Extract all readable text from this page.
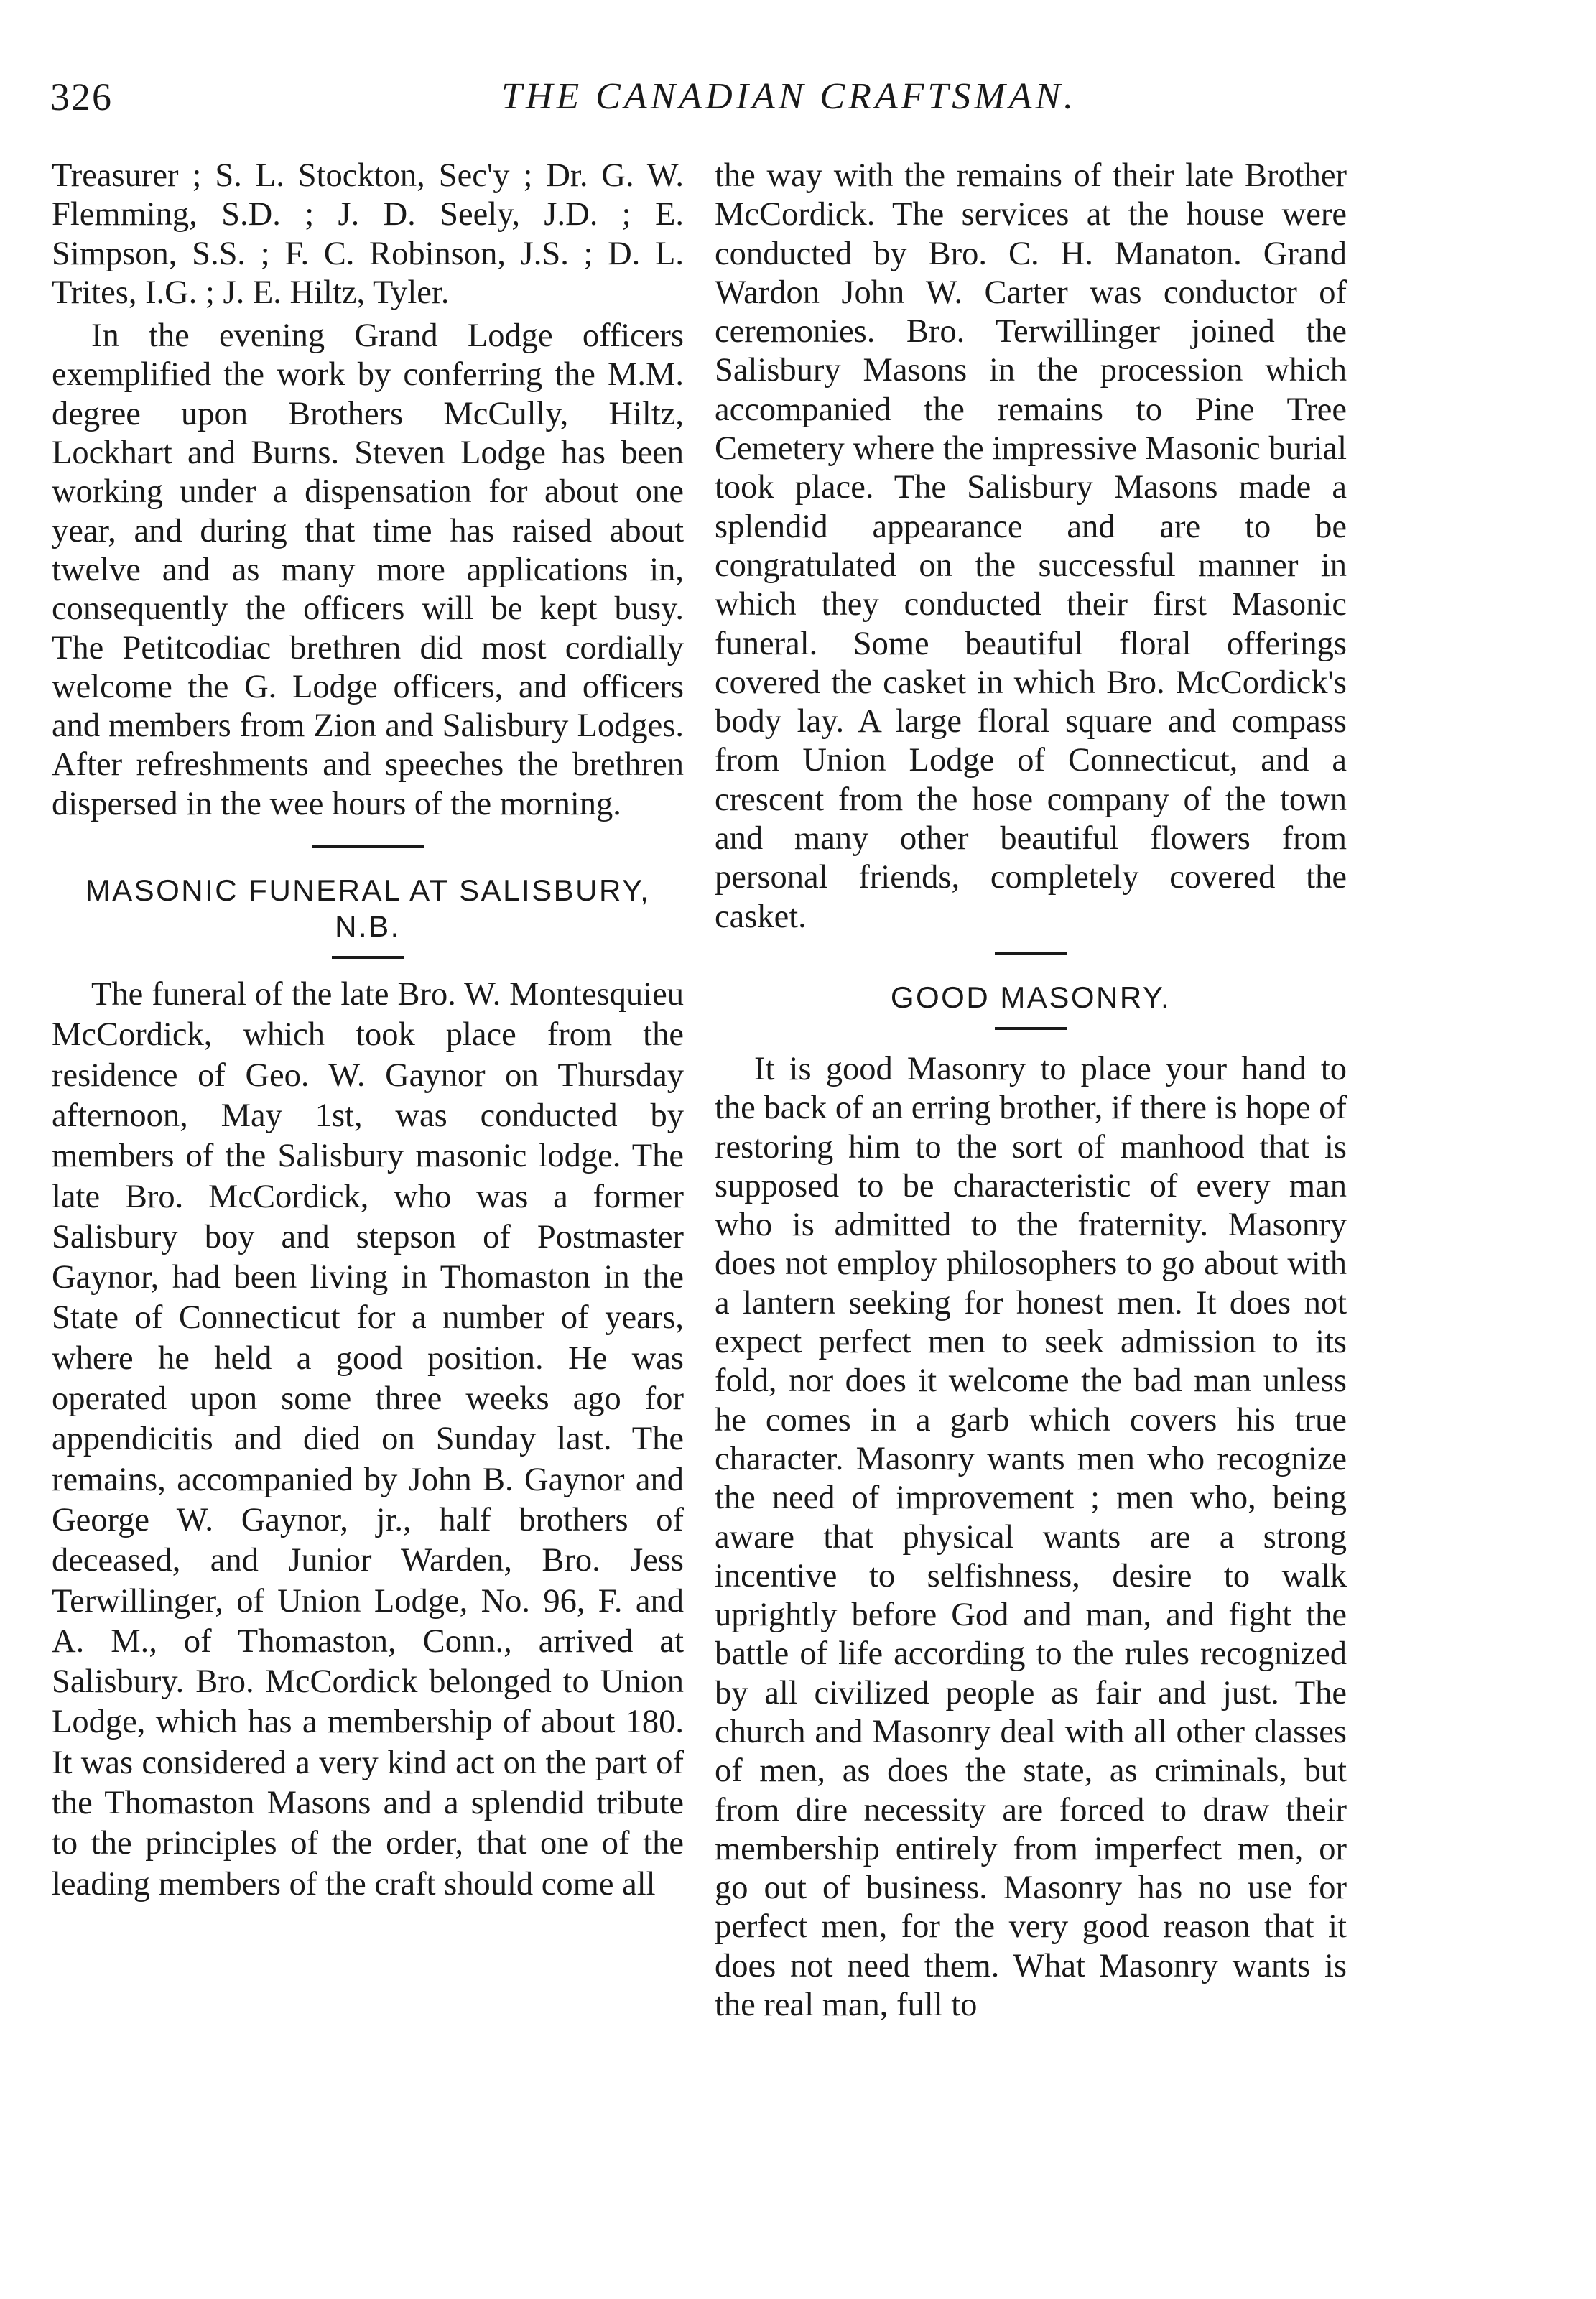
326	THE CANADIAN CRAFTSMAN.

Treasurer ; S. L. Stockton, Sec'y ; Dr. G. W. Flemming, S.D. ; J. D. Seely, J.D. ; E. Simpson, S.S. ; F. C. Robinson, J.S. ; D. L. Trites, I.G. ; J. E. Hiltz, Tyler.

In the evening Grand Lodge officers exemplified the work by conferring the M.M. degree upon Brothers McCully, Hiltz, Lockhart and Burns. Steven Lodge has been working under a dispensation for about one year, and during that time has raised about twelve and as many more applications in, consequently the officers will be kept busy. The Petitcodiac brethren did most cordially welcome the G. Lodge officers, and officers and members from Zion and Salisbury Lodges. After refreshments and speeches the brethren dispersed in the wee hours of the morning.

MASONIC FUNERAL AT SALISBURY, N.B.

The funeral of the late Bro. W. Montesquieu McCordick, which took place from the residence of Geo. W. Gaynor on Thursday afternoon, May 1st, was conducted by members of the Salisbury masonic lodge. The late Bro. McCordick, who was a former Salisbury boy and stepson of Postmaster Gaynor, had been living in Thomaston in the State of Connecticut for a number of years, where he held a good position. He was operated upon some three weeks ago for appendicitis and died on Sunday last. The remains, accompanied by John B. Gaynor and George W. Gaynor, jr., half brothers of deceased, and Junior Warden, Bro. Jess Terwillinger, of Union Lodge, No. 96, F. and A. M., of Thomaston, Conn., arrived at Salisbury. Bro. McCordick belonged to Union Lodge, which has a membership of about 180. It was considered a very kind act on the part of the Thomaston Masons and a splendid tribute to the principles of the order, that one of the leading members of the craft should come all

the way with the remains of their late Brother McCordick. The services at the house were conducted by Bro. C. H. Manaton. Grand Wardon John W. Carter was conductor of ceremonies. Bro. Terwillinger joined the Salisbury Masons in the procession which accompanied the remains to Pine Tree Cemetery where the impressive Masonic burial took place. The Salisbury Masons made a splendid appearance and are to be congratulated on the successful manner in which they conducted their first Masonic funeral. Some beautiful floral offerings covered the casket in which Bro. McCordick's body lay. A large floral square and compass from Union Lodge of Connecticut, and a crescent from the hose company of the town and many other beautiful flowers from personal friends, completely covered the casket.

GOOD MASONRY.

It is good Masonry to place your hand to the back of an erring brother, if there is hope of restoring him to the sort of manhood that is supposed to be characteristic of every man who is admitted to the fraternity. Masonry does not employ philosophers to go about with a lantern seeking for honest men. It does not expect perfect men to seek admission to its fold, nor does it welcome the bad man unless he comes in a garb which covers his true character. Masonry wants men who recognize the need of improvement ; men who, being aware that physical wants are a strong incentive to selfishness, desire to walk uprightly before God and man, and fight the battle of life according to the rules recognized by all civilized people as fair and just. The church and Masonry deal with all other classes of men, as does the state, as criminals, but from dire necessity are forced to draw their membership entirely from imperfect men, or go out of business. Masonry has no use for perfect men, for the very good reason that it does not need them. What Masonry wants is the real man, full to
